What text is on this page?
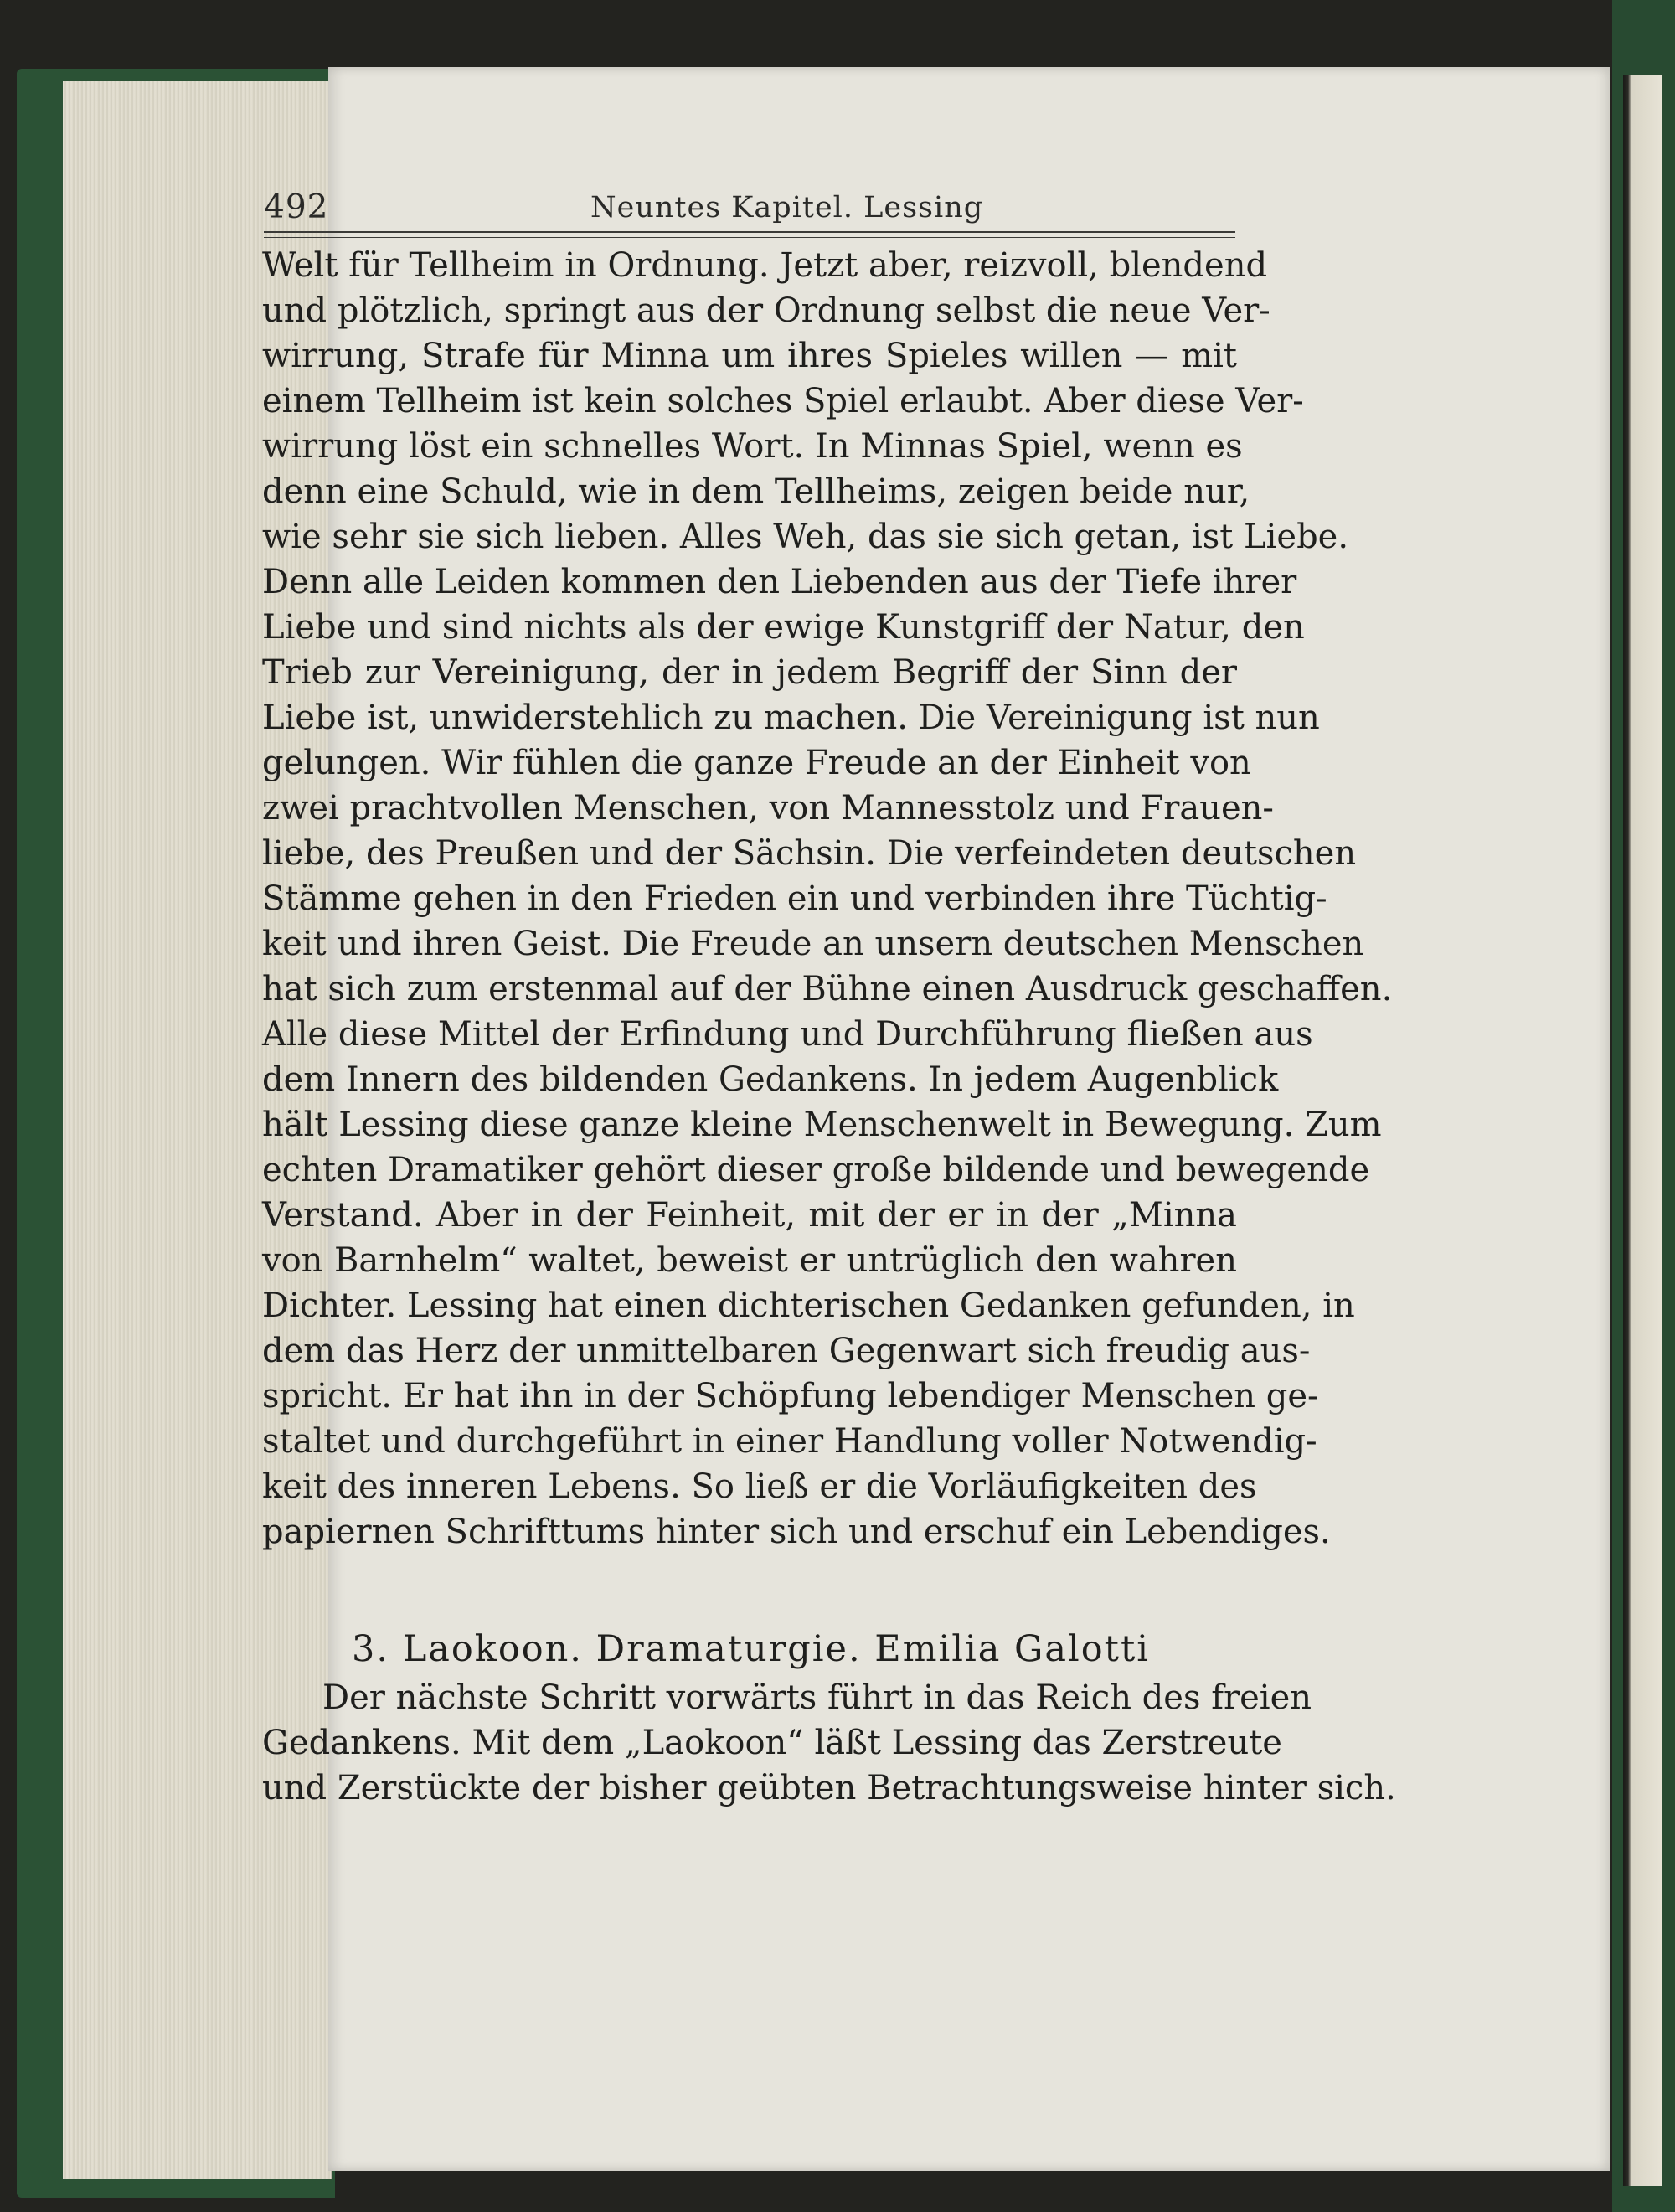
492	Neuntes Kapitel. Lessing
Welt für Tellheim in Ordnung. Jetzt aber, reizvoll, blendend
und plötzlich, springt aus der Ordnung selbst die neue Ver-
wirrung, Strafe für Minna um ihres Spieles willen — mit
einem Tellheim ist kein solches Spiel erlaubt. Aber diese Ver-
wirrung löst ein schnelles Wort. In Minnas Spiel, wenn es
denn eine Schuld, wie in dem Tellheims, zeigen beide nur,
wie sehr sie sich lieben. Alles Weh, das sie sich getan, ist Liebe.
Denn alle Leiden kommen den Liebenden aus der Tiefe ihrer
Liebe und sind nichts als der ewige Kunstgriff der Natur, den
Trieb zur Vereinigung, der in jedem Begriff der Sinn der
Liebe ist, unwiderstehlich zu machen. Die Vereinigung ist nun
gelungen. Wir fühlen die ganze Freude an der Einheit von
zwei prachtvollen Menschen, von Mannesstolz und Frauen-
liebe, des Preußen und der Sächsin. Die verfeindeten deutschen
Stämme gehen in den Frieden ein und verbinden ihre Tüchtig-
keit und ihren Geist. Die Freude an unsern deutschen Menschen
hat sich zum erstenmal auf der Bühne einen Ausdruck geschaffen.
Alle diese Mittel der Erfindung und Durchführung fließen aus
dem Innern des bildenden Gedankens. In jedem Augenblick
hält Lessing diese ganze kleine Menschenwelt in Bewegung. Zum
echten Dramatiker gehört dieser große bildende und bewegende
Verstand. Aber in der Feinheit, mit der er in der „Minna
von Barnhelm“ waltet, beweist er untrüglich den wahren
Dichter. Lessing hat einen dichterischen Gedanken gefunden, in
dem das Herz der unmittelbaren Gegenwart sich freudig aus-
spricht. Er hat ihn in der Schöpfung lebendiger Menschen ge-
staltet und durchgeführt in einer Handlung voller Notwendig-
keit des inneren Lebens. So ließ er die Vorläufigkeiten des
papiernen Schrifttums hinter sich und erschuf ein Lebendiges.
3. Laokoon. Dramaturgie. Emilia Galotti
Der nächste Schritt vorwärts führt in das Reich des freien
Gedankens. Mit dem „Laokoon“ läßt Lessing das Zerstreute
und Zerstückte der bisher geübten Betrachtungsweise hinter sich.
